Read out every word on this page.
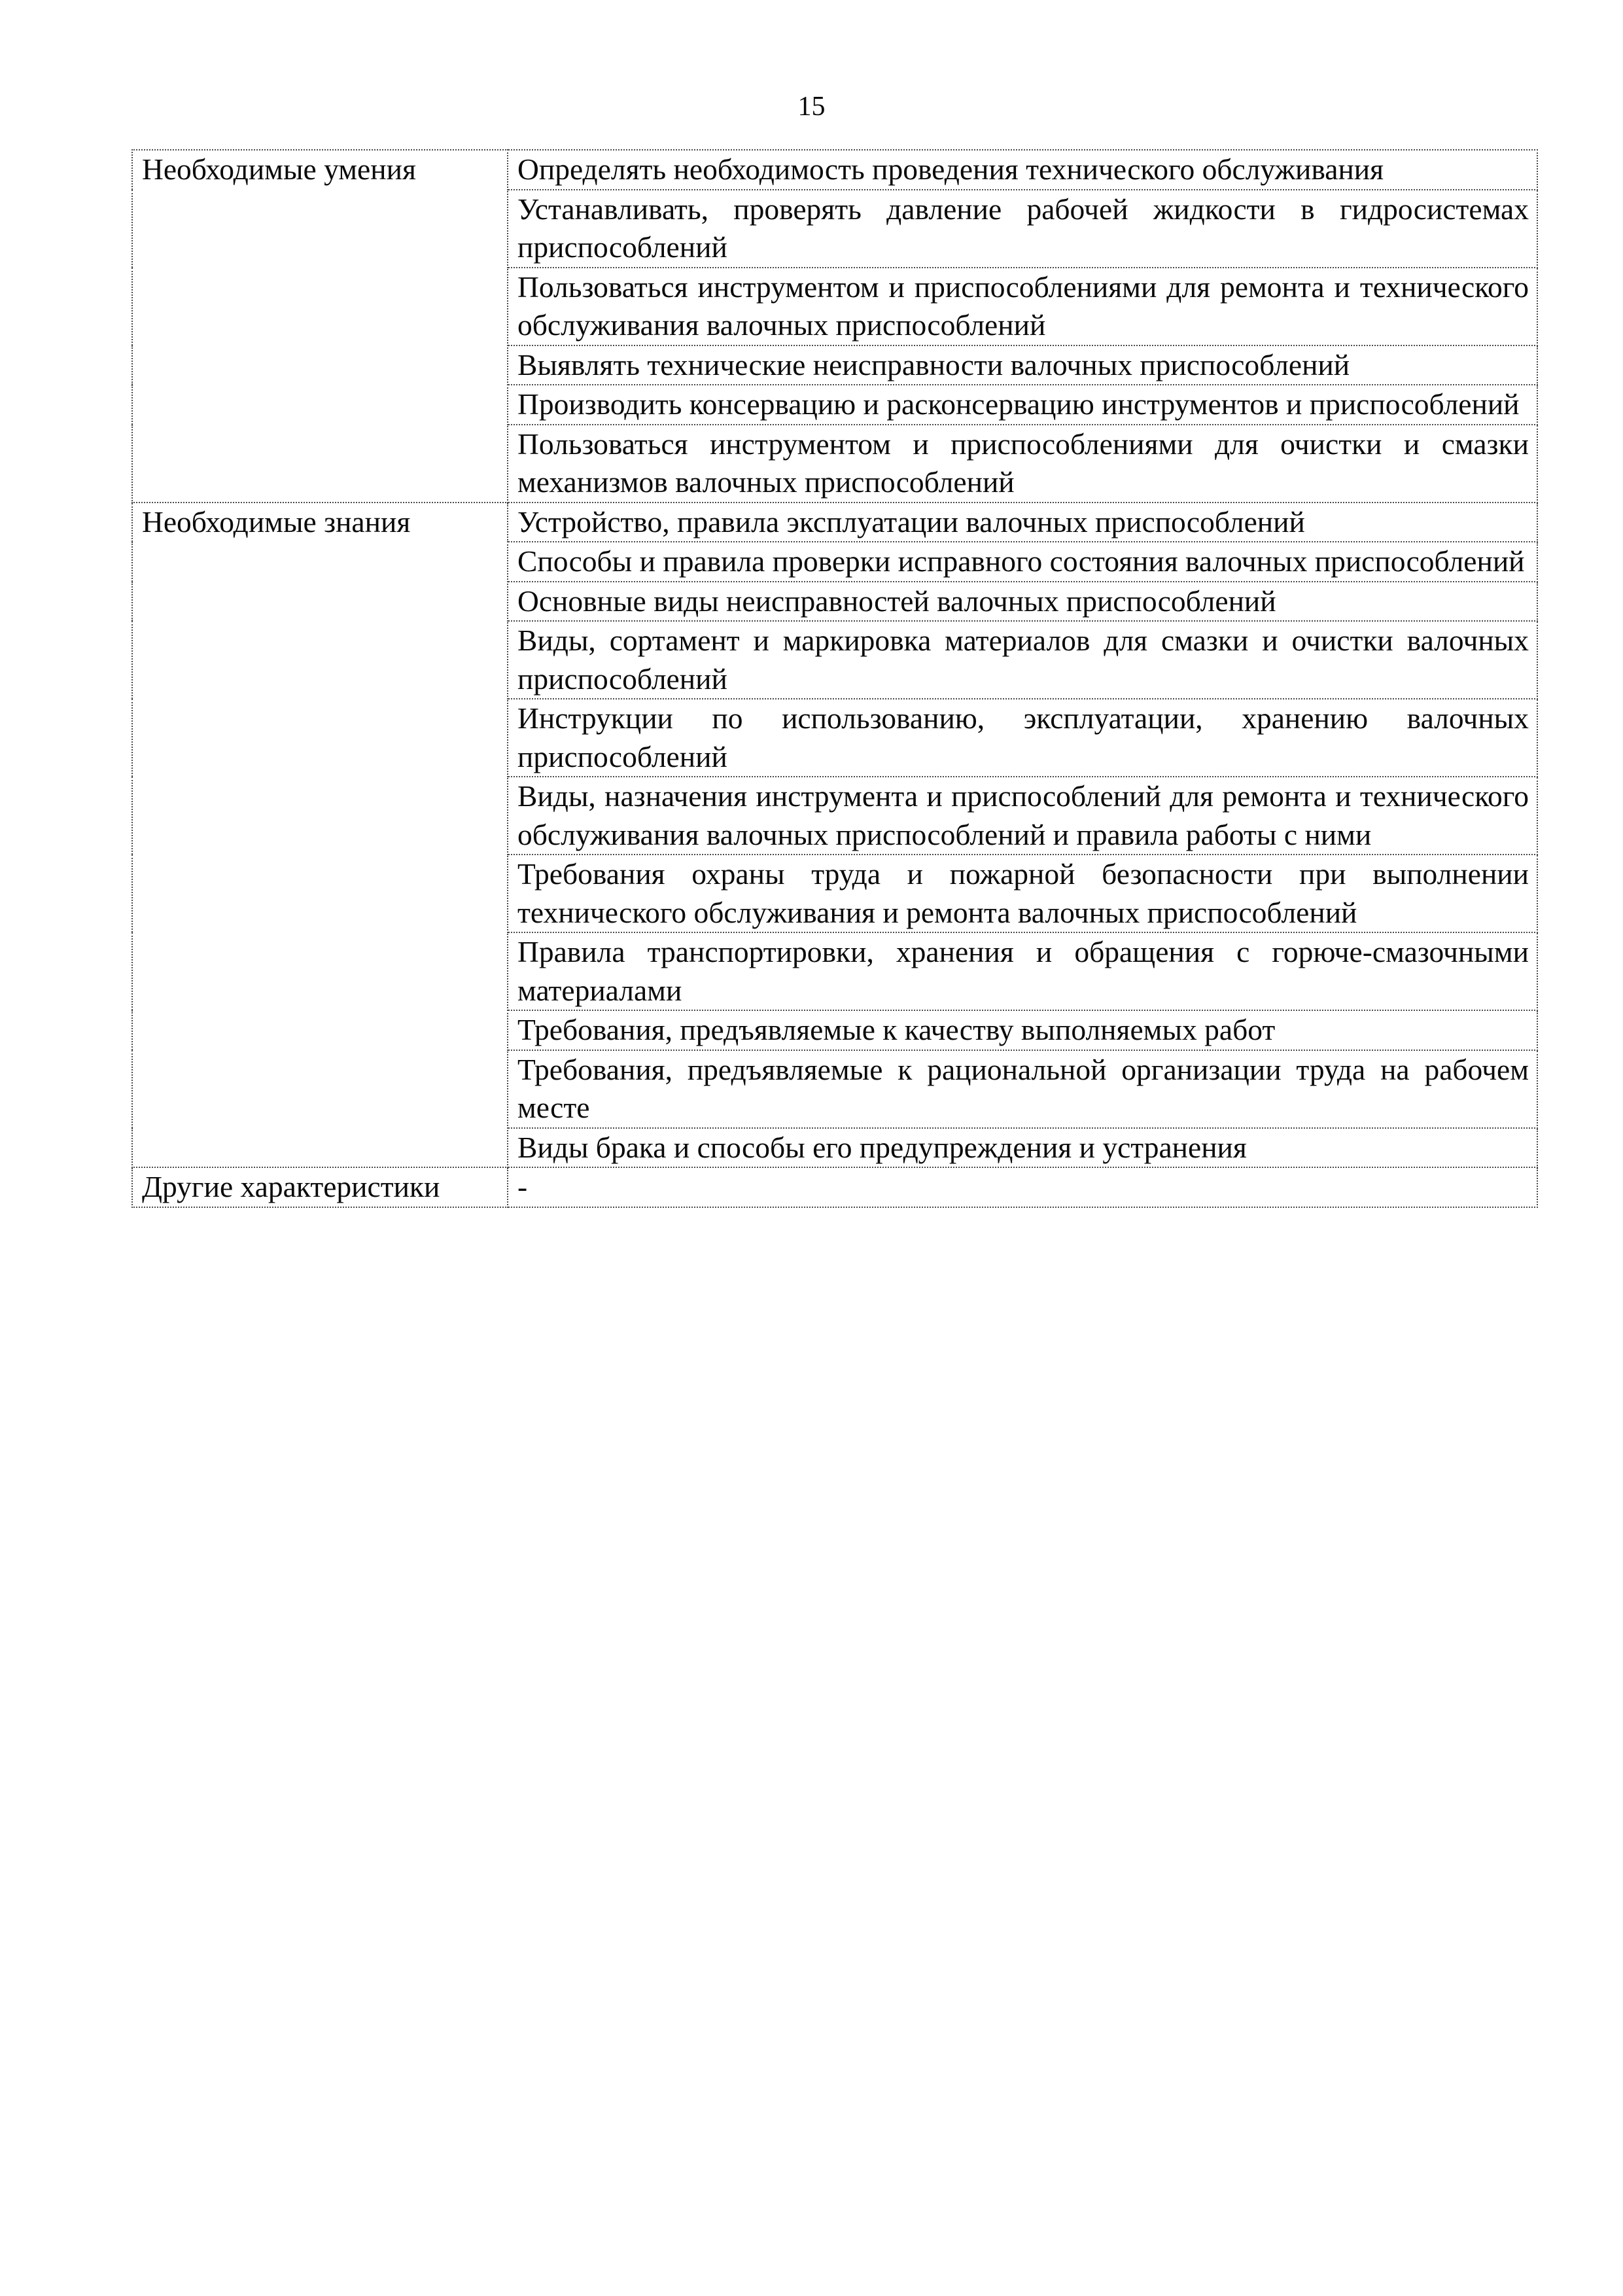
15
Необходимые умения	Определять необходимость проведения технического обслуживания
	Устанавливать, проверять давление рабочей жидкости в гидросистемах приспособлений
	Пользоваться инструментом и приспособлениями для ремонта и технического обслуживания валочных приспособлений
	Выявлять технические неисправности валочных приспособлений
	Производить консервацию и расконсервацию инструментов и приспособлений
	Пользоваться инструментом и приспособлениями для очистки и смазки механизмов валочных приспособлений
Необходимые знания	Устройство, правила эксплуатации валочных приспособлений
	Способы и правила проверки исправного состояния валочных приспособлений
	Основные виды неисправностей валочных приспособлений
	Виды, сортамент и маркировка материалов для смазки и очистки валочных приспособлений
	Инструкции по использованию, эксплуатации, хранению валочных приспособлений
	Виды, назначения инструмента и приспособлений для ремонта и технического обслуживания валочных приспособлений и правила работы с ними
	Требования охраны труда и пожарной безопасности при выполнении технического обслуживания и ремонта валочных приспособлений
	Правила транспортировки, хранения и обращения с горюче-смазочными материалами
	Требования, предъявляемые к качеству выполняемых работ
	Требования, предъявляемые к рациональной организации труда на рабочем месте
	Виды брака и способы его предупреждения и устранения
Другие характеристики	-
